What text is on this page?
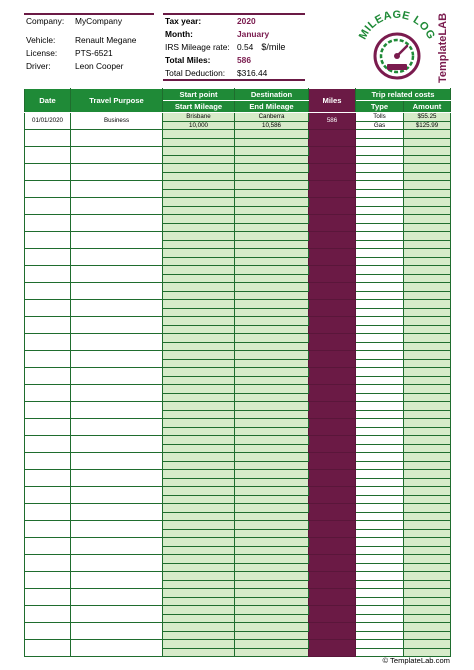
Company:	MyCompany
Vehicle:	Renault Megane
License:	PTS-6521
Driver:	Leon Cooper
Tax year:	2020
Month:	January
IRS Mileage rate: 0.54 $/mile
Total Miles:	586
Total Deduction:	$316.44
MILEAGE LOG TemplateLAB
Date	Travel Purpose	Start point	Destination	Miles	Trip related costs	
		Start Mileage	End Mileage		Type	Amount
01/01/2020	Business	Brisbane	Canberra	586	Tolls	$55.25
		10,000	10,586		Gas	$125.99

© TemplateLab.com
